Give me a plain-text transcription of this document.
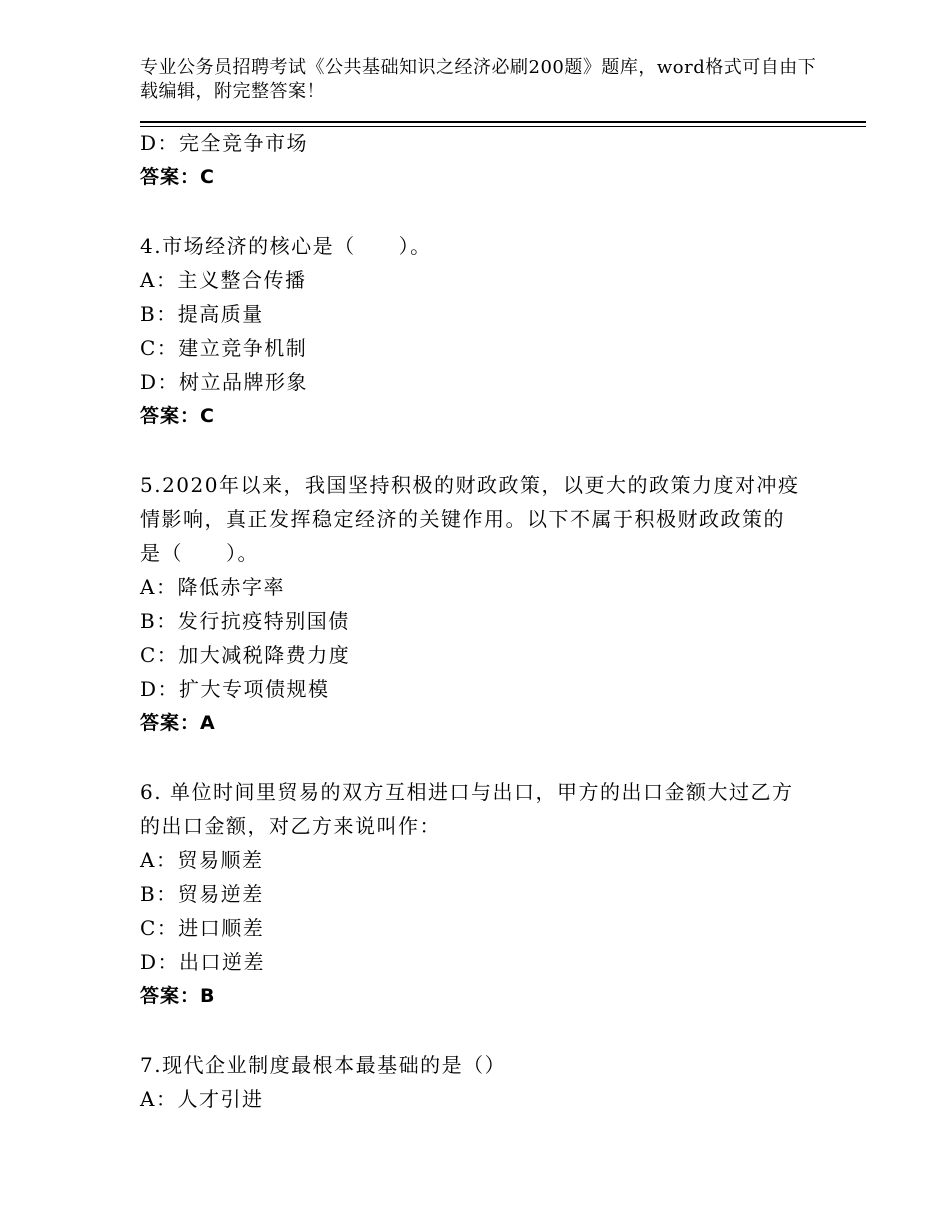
专业公务员招聘考试《公共基础知识之经济必刷200题》题库，word格式可自由下载编辑，附完整答案！
D：完全竞争市场
答案：C
4.市场经济的核心是（　　）。
A：主义整合传播
B：提高质量
C：建立竞争机制
D：树立品牌形象
答案：C
5.2020年以来，我国坚持积极的财政政策，以更大的政策力度对冲疫
情影响，真正发挥稳定经济的关键作用。以下不属于积极财政政策的
是（　　）。
A：降低赤字率
B：发行抗疫特别国债
C：加大减税降费力度
D：扩大专项债规模
答案：A
6. 单位时间里贸易的双方互相进口与出口，甲方的出口金额大过乙方
的出口金额，对乙方来说叫作：
A：贸易顺差
B：贸易逆差
C：进口顺差
D：出口逆差
答案：B
7.现代企业制度最根本最基础的是（）
A：人才引进
